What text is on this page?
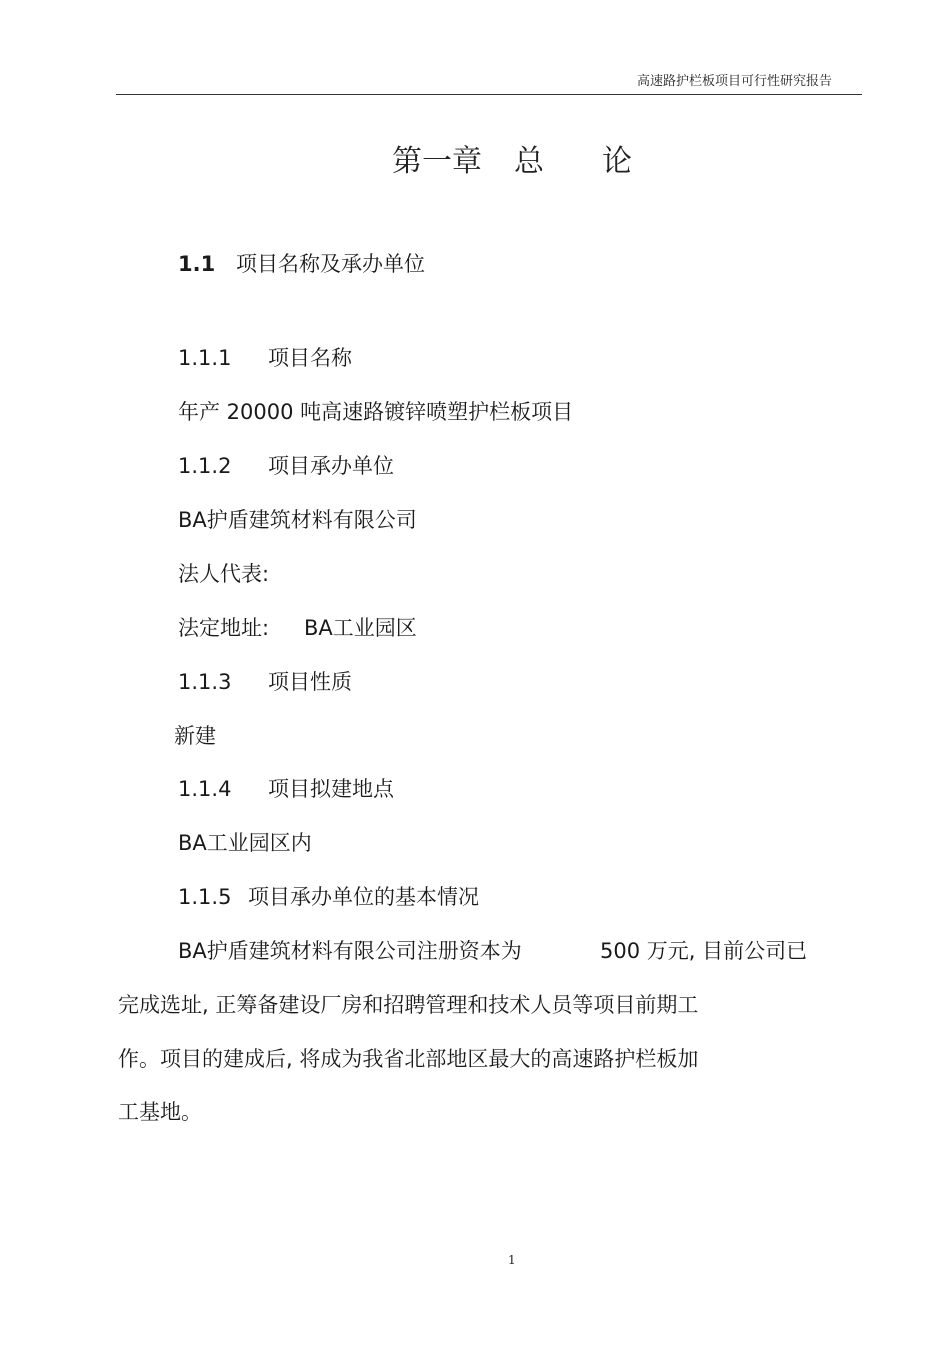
高速路护栏板项目可行性研究报告
第一章 总 论
1.1 项目名称及承办单位
1.1.1 项目名称
年产 20000 吨高速路镀锌喷塑护栏板项目
1.1.2 项目承办单位
BA护盾建筑材料有限公司
法人代表:
法定地址: BA工业园区
1.1.3 项目性质
新建
1.1.4 项目拟建地点
BA工业园区内
1.1.5 项目承办单位的基本情况
BA护盾建筑材料有限公司注册资本为	500 万元, 目前公司已
完成选址, 正筹备建设厂房和招聘管理和技术人员等项目前期工
作。项目的建成后, 将成为我省北部地区最大的高速路护栏板加
工基地。
1
